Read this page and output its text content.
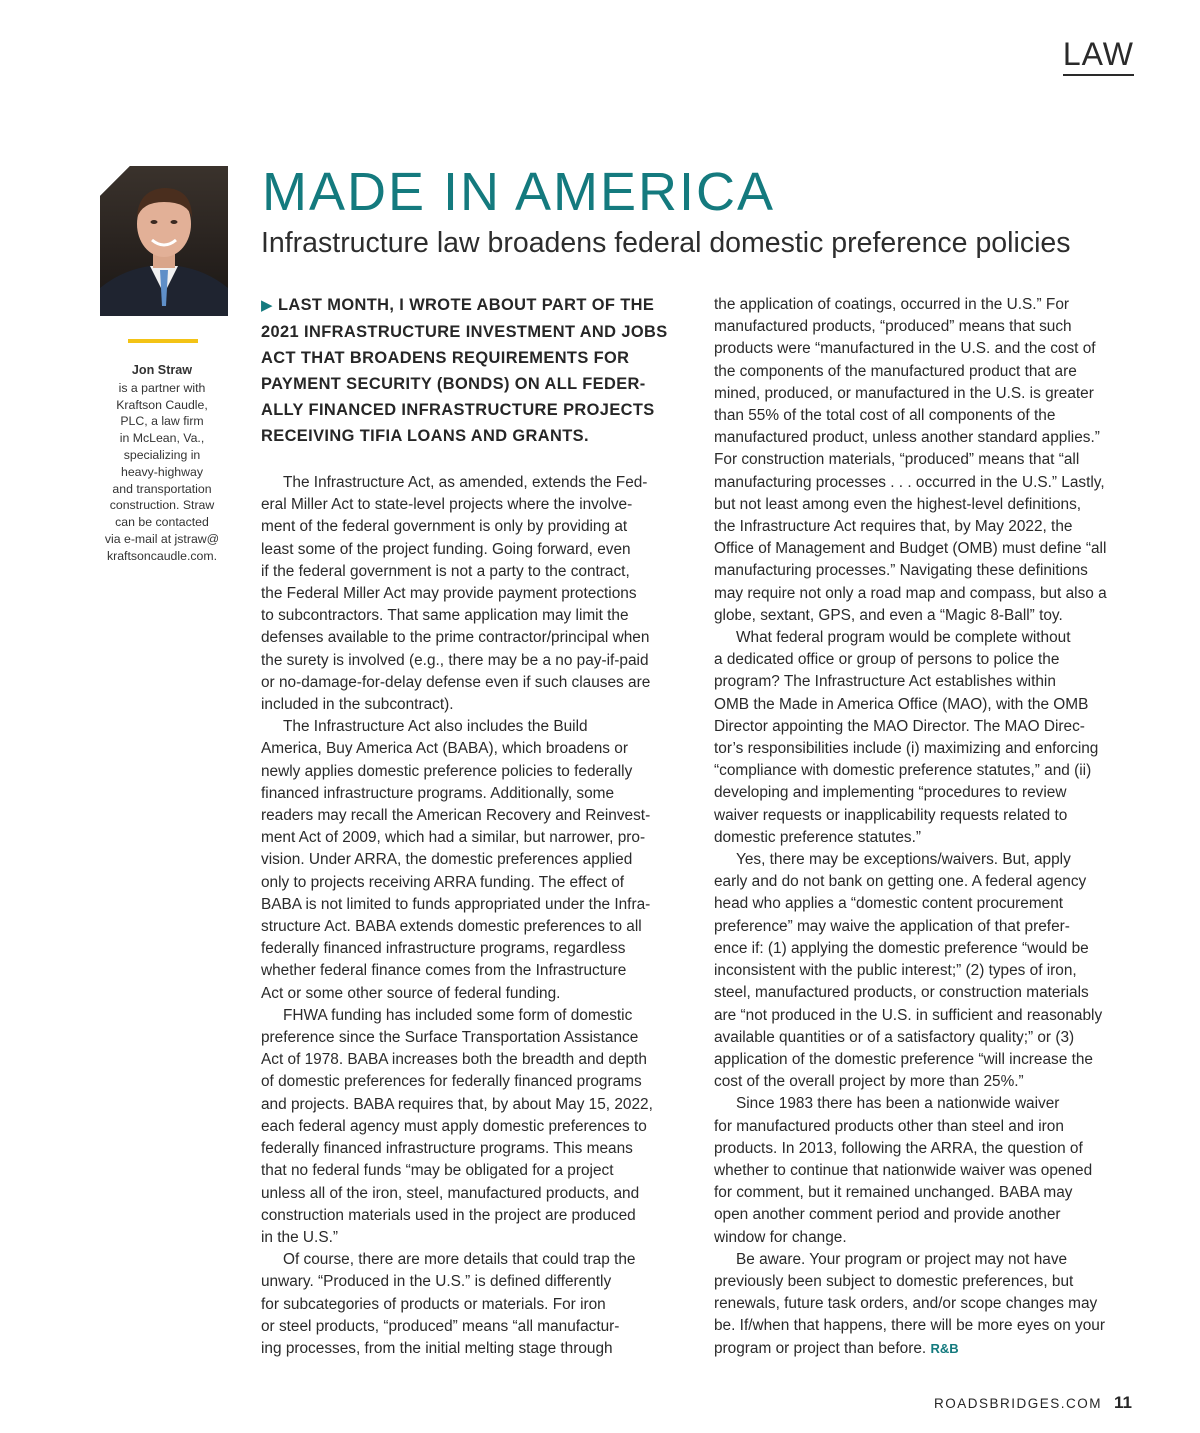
LAW
Jon Straw
is a partner with
Kraftson Caudle,
PLC, a law firm
in McLean, Va.,
specializing in
heavy-highway
and transportation
construction. Straw
can be contacted
via e-mail at jstraw@
kraftsoncaudle.com.
MADE IN AMERICA
Infrastructure law broadens federal domestic preference policies

▶ LAST MONTH, I WROTE ABOUT PART OF THE
2021 INFRASTRUCTURE INVESTMENT AND JOBS
ACT THAT BROADENS REQUIREMENTS FOR
PAYMENT SECURITY (BONDS) ON ALL FEDER-
ALLY FINANCED INFRASTRUCTURE PROJECTS
RECEIVING TIFIA LOANS AND GRANTS.

The Infrastructure Act, as amended, extends the Fed-
eral Miller Act to state-level projects where the involve-
ment of the federal government is only by providing at
least some of the project funding. Going forward, even
if the federal government is not a party to the contract,
the Federal Miller Act may provide payment protections
to subcontractors. That same application may limit the
defenses available to the prime contractor/principal when
the surety is involved (e.g., there may be a no pay-if-paid
or no-damage-for-delay defense even if such clauses are
included in the subcontract).

The Infrastructure Act also includes the Build
America, Buy America Act (BABA), which broadens or
newly applies domestic preference policies to federally
financed infrastructure programs. Additionally, some
readers may recall the American Recovery and Reinvest-
ment Act of 2009, which had a similar, but narrower, pro-
vision. Under ARRA, the domestic preferences applied
only to projects receiving ARRA funding. The effect of
BABA is not limited to funds appropriated under the Infra-
structure Act. BABA extends domestic preferences to all
federally financed infrastructure programs, regardless
whether federal finance comes from the Infrastructure
Act or some other source of federal funding.

FHWA funding has included some form of domestic
preference since the Surface Transportation Assistance
Act of 1978. BABA increases both the breadth and depth
of domestic preferences for federally financed programs
and projects. BABA requires that, by about May 15, 2022,
each federal agency must apply domestic preferences to
federally financed infrastructure programs. This means
that no federal funds “may be obligated for a project
unless all of the iron, steel, manufactured products, and
construction materials used in the project are produced
in the U.S.”

Of course, there are more details that could trap the
unwary. “Produced in the U.S.” is defined differently
for subcategories of products or materials. For iron
or steel products, “produced” means “all manufactur-
ing processes, from the initial melting stage through

the application of coatings, occurred in the U.S.” For
manufactured products, “produced” means that such
products were “manufactured in the U.S. and the cost of
the components of the manufactured product that are
mined, produced, or manufactured in the U.S. is greater
than 55% of the total cost of all components of the
manufactured product, unless another standard applies.”
For construction materials, “produced” means that “all
manufacturing processes . . . occurred in the U.S.” Lastly,
but not least among even the highest-level definitions,
the Infrastructure Act requires that, by May 2022, the
Office of Management and Budget (OMB) must define “all
manufacturing processes.” Navigating these definitions
may require not only a road map and compass, but also a
globe, sextant, GPS, and even a “Magic 8-Ball” toy.

What federal program would be complete without
a dedicated office or group of persons to police the
program? The Infrastructure Act establishes within
OMB the Made in America Office (MAO), with the OMB
Director appointing the MAO Director. The MAO Direc-
tor’s responsibilities include (i) maximizing and enforcing
“compliance with domestic preference statutes,” and (ii)
developing and implementing “procedures to review
waiver requests or inapplicability requests related to
domestic preference statutes.”

Yes, there may be exceptions/waivers. But, apply
early and do not bank on getting one. A federal agency
head who applies a “domestic content procurement
preference” may waive the application of that prefer-
ence if: (1) applying the domestic preference “would be
inconsistent with the public interest;” (2) types of iron,
steel, manufactured products, or construction materials
are “not produced in the U.S. in sufficient and reasonably
available quantities or of a satisfactory quality;” or (3)
application of the domestic preference “will increase the
cost of the overall project by more than 25%.”

Since 1983 there has been a nationwide waiver
for manufactured products other than steel and iron
products. In 2013, following the ARRA, the question of
whether to continue that nationwide waiver was opened
for comment, but it remained unchanged. BABA may
open another comment period and provide another
window for change.

Be aware. Your program or project may not have
previously been subject to domestic preferences, but
renewals, future task orders, and/or scope changes may
be. If/when that happens, there will be more eyes on your
program or project than before. R&B

ROADSBRIDGES.COM 11
